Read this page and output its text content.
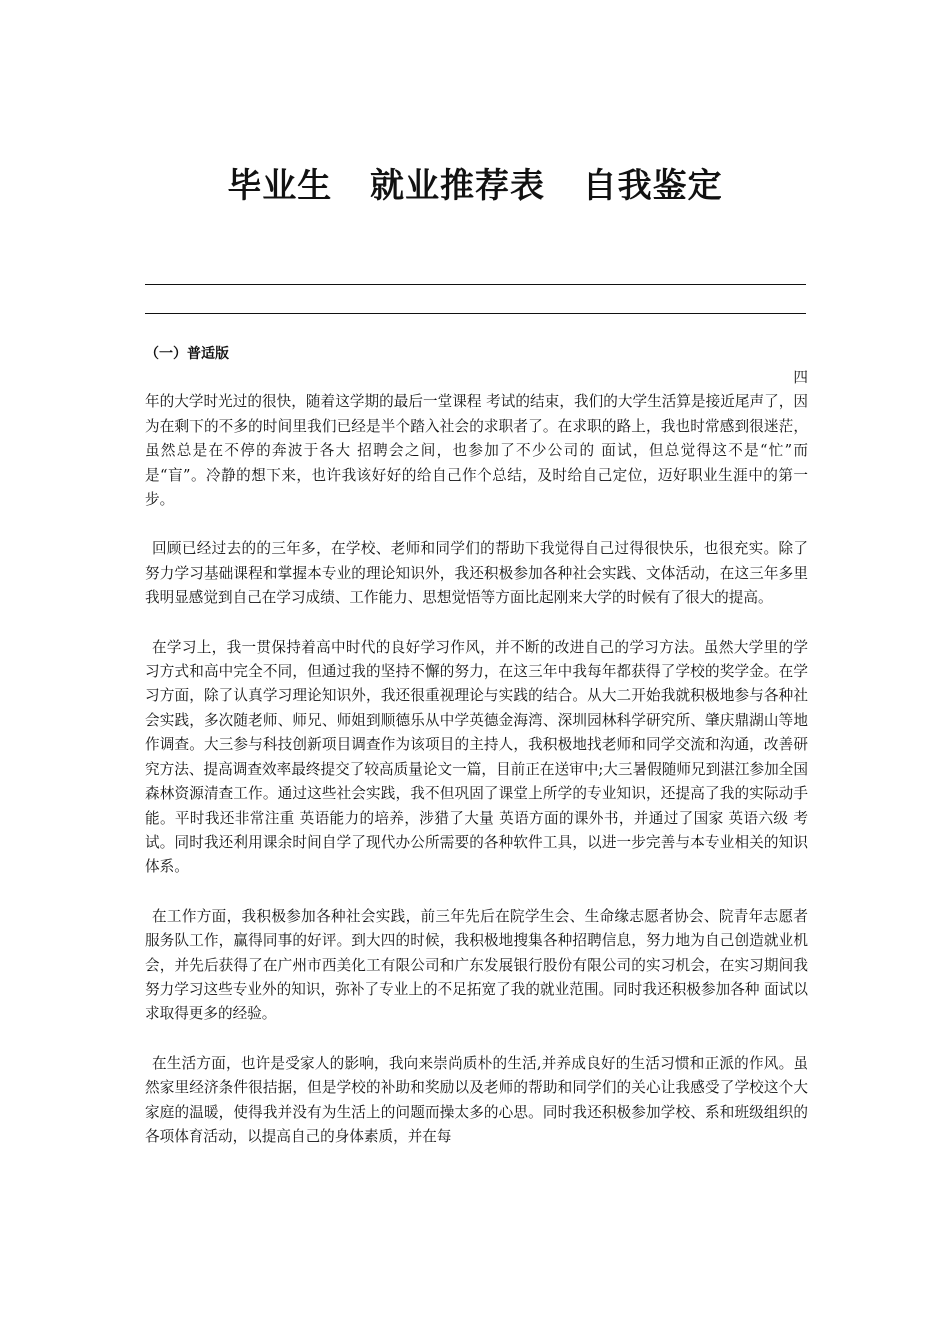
毕业生  就业推荐表  自我鉴定
（一）普适版
四

年的大学时光过的很快，随着这学期的最后一堂课程 考试的结束，我们的大学生活算是接近尾声了，因为在剩下的不多的时间里我们已经是半个踏入社会的求职者了。在求职的路上，我也时常感到很迷茫，虽然总是在不停的奔波于各大 招聘会之间，也参加了不少公司的 面试，但总觉得这不是“忙”而是“盲”。冷静的想下来，也许我该好好的给自己作个总结，及时给自己定位，迈好职业生涯中的第一步。

回顾已经过去的的三年多，在学校、老师和同学们的帮助下我觉得自己过得很快乐，也很充实。除了努力学习基础课程和掌握本专业的理论知识外，我还积极参加各种社会实践、文体活动，在这三年多里我明显感觉到自己在学习成绩、工作能力、思想觉悟等方面比起刚来大学的时候有了很大的提高。

在学习上，我一贯保持着高中时代的良好学习作风，并不断的改进自己的学习方法。虽然大学里的学习方式和高中完全不同，但通过我的坚持不懈的努力，在这三年中我每年都获得了学校的奖学金。在学习方面，除了认真学习理论知识外，我还很重视理论与实践的结合。从大二开始我就积极地参与各种社会实践，多次随老师、师兄、师姐到顺德乐从中学英德金海湾、深圳园林科学研究所、肇庆鼎湖山等地作调查。大三参与科技创新项目调查作为该项目的主持人，我积极地找老师和同学交流和沟通，改善研究方法、提高调查效率最终提交了较高质量论文一篇，目前正在送审中;大三暑假随师兄到湛江参加全国森林资源清查工作。通过这些社会实践，我不但巩固了课堂上所学的专业知识，还提高了我的实际动手能。平时我还非常注重 英语能力的培养，涉猎了大量 英语方面的课外书，并通过了国家 英语六级 考试。同时我还利用课余时间自学了现代办公所需要的各种软件工具，以进一步完善与本专业相关的知识体系。

在工作方面，我积极参加各种社会实践，前三年先后在院学生会、生命缘志愿者协会、院青年志愿者服务队工作，赢得同事的好评。到大四的时候，我积极地搜集各种招聘信息，努力地为自己创造就业机会，并先后获得了在广州市西美化工有限公司和广东发展银行股份有限公司的实习机会，在实习期间我努力学习这些专业外的知识，弥补了专业上的不足拓宽了我的就业范围。同时我还积极参加各种 面试以求取得更多的经验。

在生活方面，也许是受家人的影响，我向来崇尚质朴的生活,并养成良好的生活习惯和正派的作风。虽然家里经济条件很拮据，但是学校的补助和奖励以及老师的帮助和同学们的关心让我感受了学校这个大家庭的温暖，使得我并没有为生活上的问题而操太多的心思。同时我还积极参加学校、系和班级组织的各项体育活动，以提高自己的身体素质，并在每
